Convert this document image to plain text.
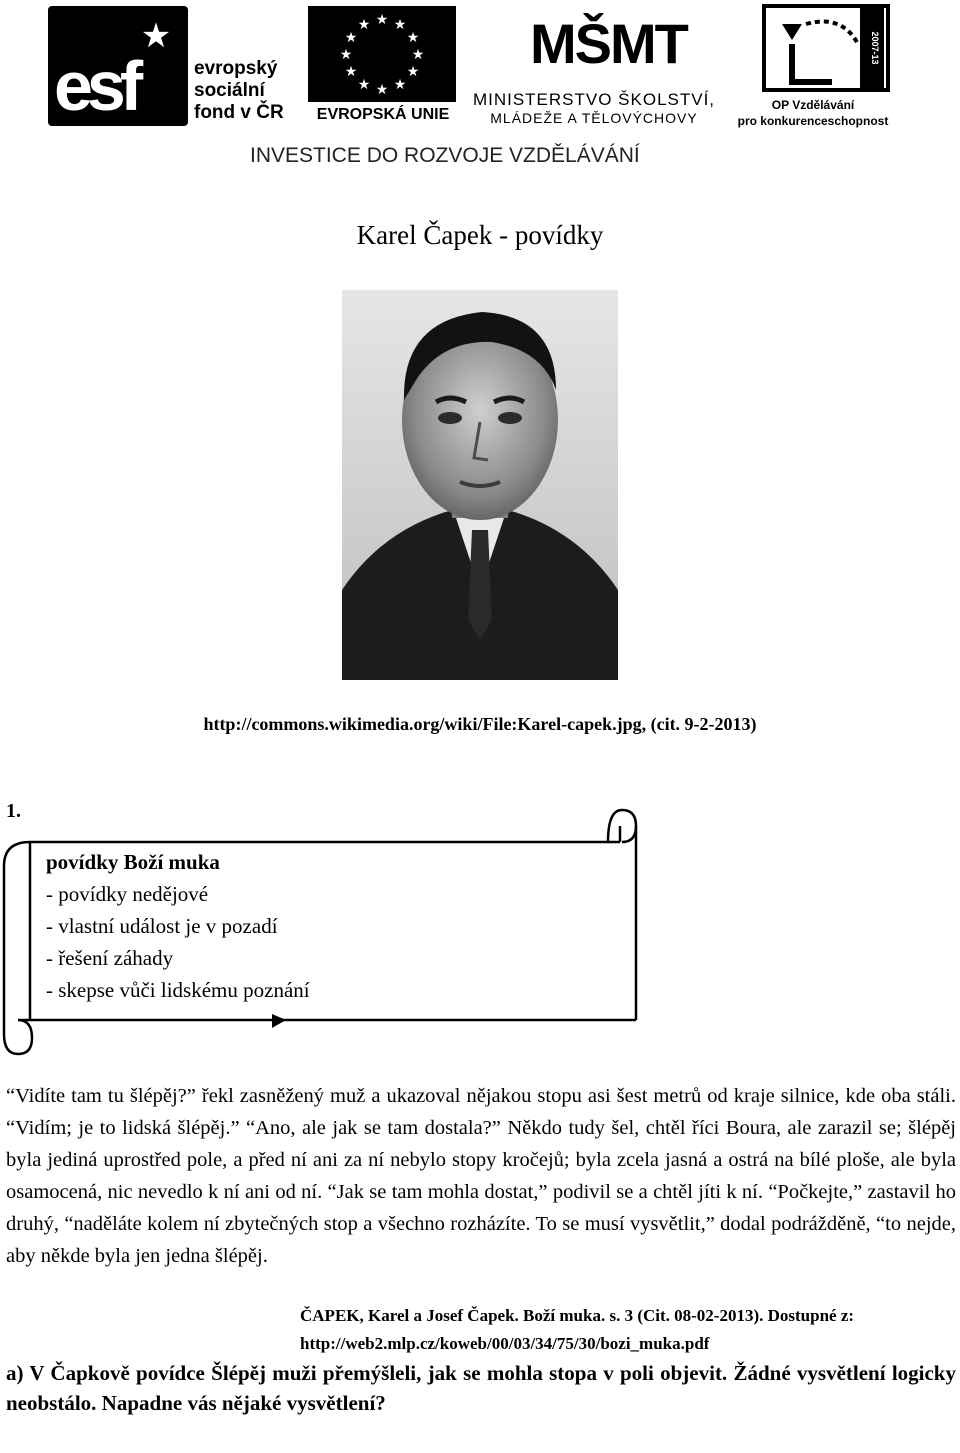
★
esf	evropský
sociální
fond v ČR
★ ★
★
★
★
★
★
★
★
★
★
★
EVROPSKÁ UNIE
MŠMT
MINISTERSTVO ŠKOLSTVÍ,
MLÁDEŽE A TĚLOVÝCHOVY
2007-13
OP Vzdělávání
pro konkurenceschopnost
INVESTICE DO ROZVOJE VZDĚLÁVÁNÍ
Karel Čapek - povídky
http://commons.wikimedia.org/wiki/File:Karel-capek.jpg, (cit. 9-2-2013)
1.
povídky Boží muka
- povídky nedějové
- vlastní událost je v pozadí
- řešení záhady
- skepse vůči lidskému poznání
“Vidíte tam tu šlépěj?” řekl zasněžený muž a ukazoval nějakou stopu asi šest metrů od kraje silnice, kde oba stáli. “Vidím; je to lidská šlépěj.” “Ano, ale jak se tam dostala?” Někdo tudy šel, chtěl říci Boura, ale zarazil se; šlépěj byla jediná uprostřed pole, a před ní ani za ní nebylo stopy kročejů; byla zcela jasná a ostrá na bílé ploše, ale byla osamocená, nic nevedlo k ní ani od ní. “Jak se tam mohla dostat,” podivil se a chtěl jíti k ní. “Počkejte,” zastavil ho druhý, “naděláte kolem ní zbytečných stop a všechno rozházíte. To se musí vysvětlit,” dodal podrážděně, “to nejde, aby někde byla jen jedna šlépěj.
ČAPEK, Karel a Josef Čapek. Boží muka. s. 3 (Cit. 08-02-2013). Dostupné z:
http://web2.mlp.cz/koweb/00/03/34/75/30/bozi_muka.pdf
a) V Čapkově povídce Šlépěj muži přemýšleli, jak se mohla stopa v poli objevit. Žádné vysvětlení logicky neobstálo. Napadne vás nějaké vysvětlení?
